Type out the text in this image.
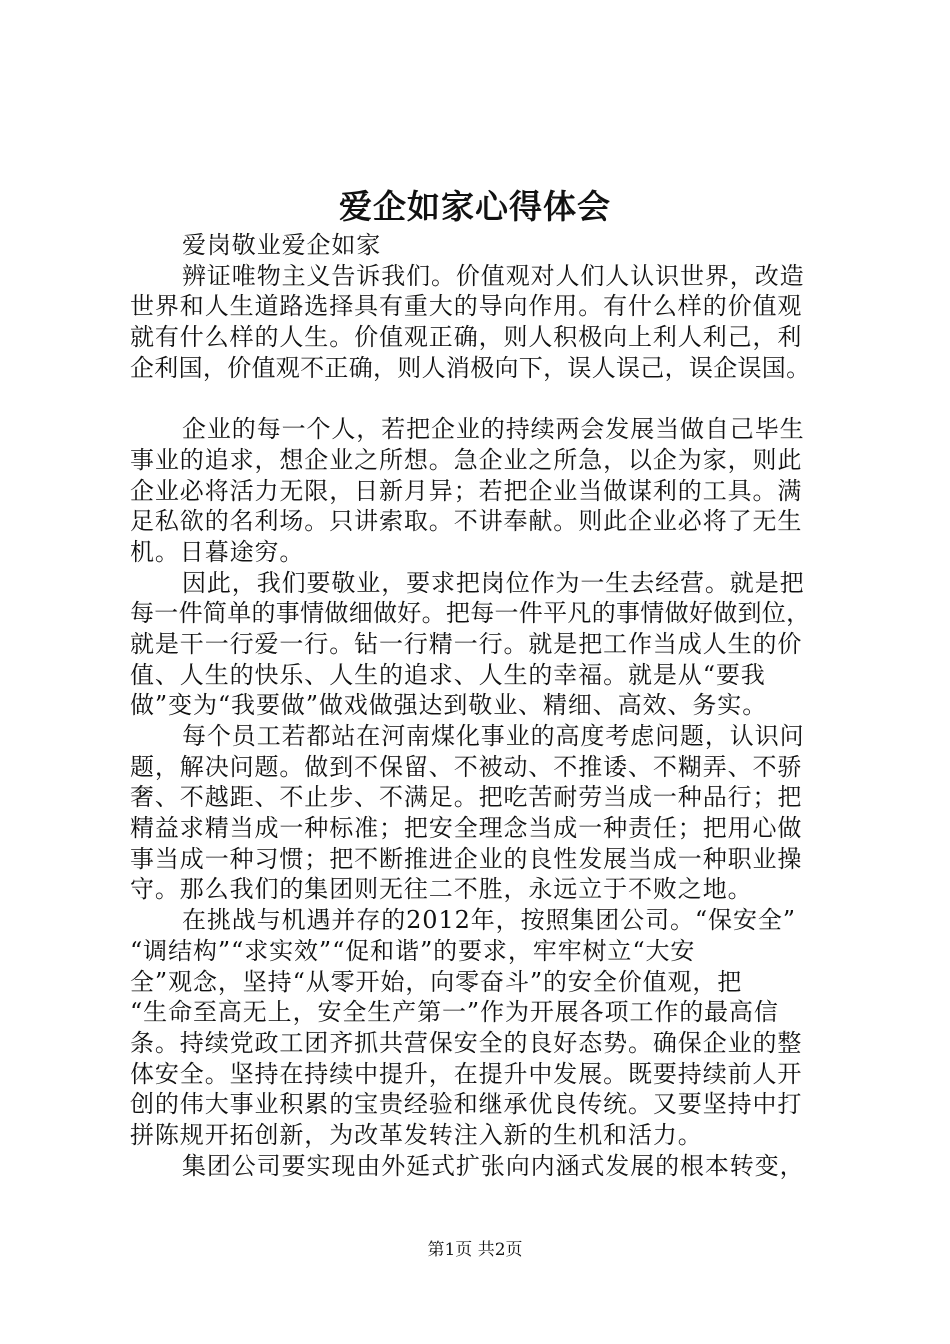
爱企如家心得体会
爱岗敬业爱企如家
辨证唯物主义告诉我们。价值观对人们人认识世界，改造
世界和人生道路选择具有重大的导向作用。有什么样的价值观
就有什么样的人生。价值观正确，则人积极向上利人利己，利
企利国，价值观不正确，则人消极向下，误人误己，误企误国。
企业的每一个人，若把企业的持续两会发展当做自己毕生
事业的追求，想企业之所想。急企业之所急，以企为家，则此
企业必将活力无限，日新月异；若把企业当做谋利的工具。满
足私欲的名利场。只讲索取。不讲奉献。则此企业必将了无生
机。日暮途穷。
因此，我们要敬业，要求把岗位作为一生去经营。就是把
每一件简单的事情做细做好。把每一件平凡的事情做好做到位，
就是干一行爱一行。钻一行精一行。就是把工作当成人生的价
值、人生的快乐、人生的追求、人生的幸福。就是从“要我
做”变为“我要做”做戏做强达到敬业、精细、高效、务实。
每个员工若都站在河南煤化事业的高度考虑问题，认识问
题，解决问题。做到不保留、不被动、不推诿、不糊弄、不骄
奢、不越距、不止步、不满足。把吃苦耐劳当成一种品行；把
精益求精当成一种标准；把安全理念当成一种责任；把用心做
事当成一种习惯；把不断推进企业的良性发展当成一种职业操
守。那么我们的集团则无往二不胜，永远立于不败之地。
在挑战与机遇并存的2012年，按照集团公司。“保安全”
“调结构”“求实效”“促和谐”的要求，牢牢树立“大安
全”观念，坚持“从零开始，向零奋斗”的安全价值观，把
“生命至高无上，安全生产第一”作为开展各项工作的最高信
条。持续党政工团齐抓共营保安全的良好态势。确保企业的整
体安全。坚持在持续中提升，在提升中发展。既要持续前人开
创的伟大事业积累的宝贵经验和继承优良传统。又要坚持中打
拼陈规开拓创新，为改革发转注入新的生机和活力。
集团公司要实现由外延式扩张向内涵式发展的根本转变，
第1页 共2页
